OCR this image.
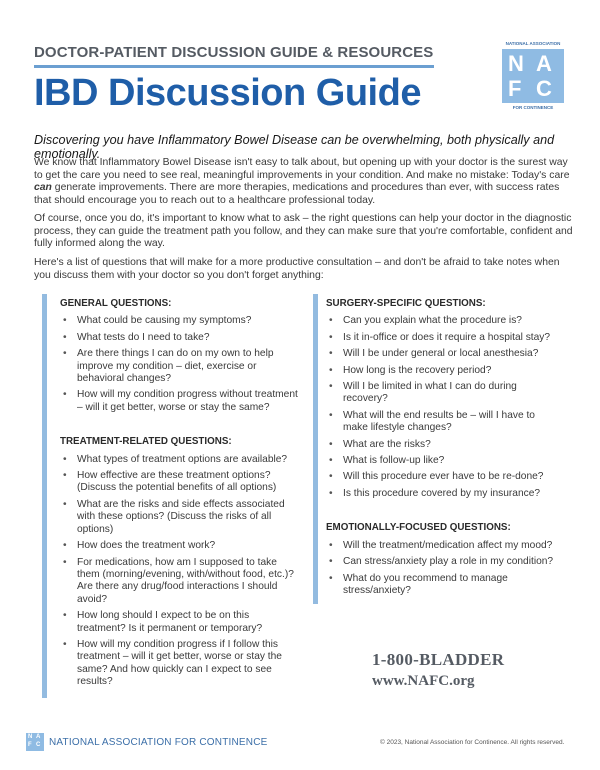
DOCTOR-PATIENT DISCUSSION GUIDE & RESOURCES
IBD Discussion Guide
NATIONAL ASSOCIATION
N A
F C
FOR CONTINENCE
Discovering you have Inflammatory Bowel Disease can be overwhelming, both physically and emotionally.
We know that Inflammatory Bowel Disease isn't easy to talk about, but opening up with your doctor is the surest way to get the care you need to see real, meaningful improvements in your condition. And make no mistake: Today's care can generate improvements. There are more therapies, medications and procedures than ever, with success rates that should encourage you to reach out to a healthcare professional today.
Of course, once you do, it's important to know what to ask – the right questions can help your doctor in the diagnostic process, they can guide the treatment path you follow, and they can make sure that you're comfortable, confident and fully informed along the way.
Here's a list of questions that will make for a more productive consultation – and don't be afraid to take notes when you discuss them with your doctor so you don't forget anything:
GENERAL QUESTIONS:
• What could be causing my symptoms?
• What tests do I need to take?
• Are there things I can do on my own to help improve my condition – diet, exercise or behavioral changes?
• How will my condition progress without treatment – will it get better, worse or stay the same?
TREATMENT-RELATED QUESTIONS:
• What types of treatment options are available?
• How effective are these treatment options? (Discuss the potential benefits of all options)
• What are the risks and side effects associated with these options? (Discuss the risks of all options)
• How does the treatment work?
• For medications, how am I supposed to take them (morning/evening, with/without food, etc.)? Are there any drug/food interactions I should avoid?
• How long should I expect to be on this treatment? Is it permanent or temporary?
• How will my condition progress if I follow this treatment – will it get better, worse or stay the same? And how quickly can I expect to see results?
SURGERY-SPECIFIC QUESTIONS:
• Can you explain what the procedure is?
• Is it in-office or does it require a hospital stay?
• Will I be under general or local anesthesia?
• How long is the recovery period?
• Will I be limited in what I can do during recovery?
• What will the end results be – will I have to make lifestyle changes?
• What are the risks?
• What is follow-up like?
• Will this procedure ever have to be re-done?
• Is this procedure covered by my insurance?
EMOTIONALLY-FOCUSED QUESTIONS:
• Will the treatment/medication affect my mood?
• Can stress/anxiety play a role in my condition?
• What do you recommend to manage stress/anxiety?
1-800-BLADDER
www.NAFC.org
N A
F C NATIONAL ASSOCIATION FOR CONTINENCE	© 2023, National Association for Continence. All rights reserved.
